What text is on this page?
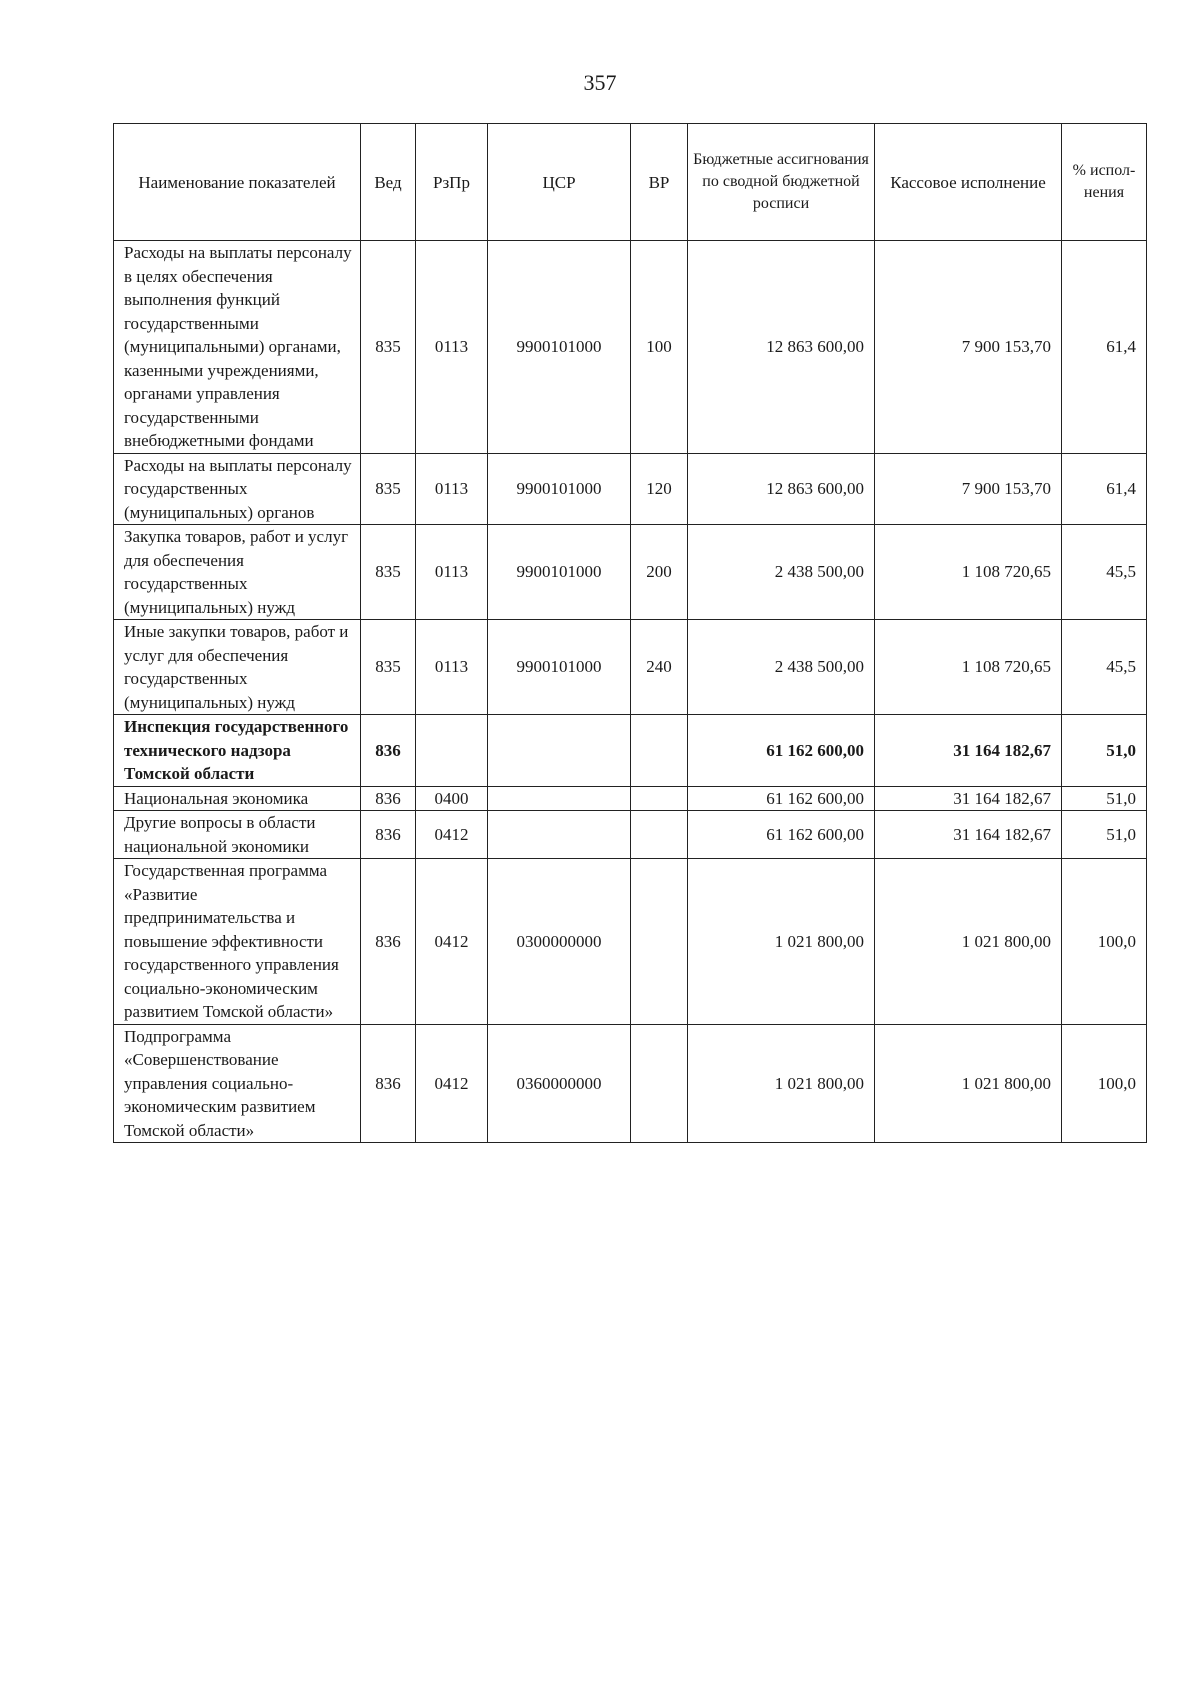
357
Наименование показателей	Вед	РзПр	ЦСР	ВР	Бюджетные ассигнования по сводной бюджетной росписи	Кассовое исполнение	% испол-нения
Расходы на выплаты персоналу в целях обеспечения выполнения функций государственными (муниципальными) органами, казенными учреждениями, органами управления государственными внебюджетными фондами	835	0113	9900101000	100	12 863 600,00	7 900 153,70	61,4
Расходы на выплаты персоналу государственных (муниципальных) органов	835	0113	9900101000	120	12 863 600,00	7 900 153,70	61,4
Закупка товаров, работ и услуг для обеспечения государственных (муниципальных) нужд	835	0113	9900101000	200	2 438 500,00	1 108 720,65	45,5
Иные закупки товаров, работ и услуг для обеспечения государственных (муниципальных) нужд	835	0113	9900101000	240	2 438 500,00	1 108 720,65	45,5
Инспекция государственного технического надзора Томской области	836				61 162 600,00	31 164 182,67	51,0
Национальная экономика	836	0400			61 162 600,00	31 164 182,67	51,0
Другие вопросы в области национальной экономики	836	0412			61 162 600,00	31 164 182,67	51,0
Государственная программа «Развитие предпринимательства и повышение эффективности государственного управления социально-экономическим развитием Томской области»	836	0412	0300000000		1 021 800,00	1 021 800,00	100,0
Подпрограмма «Совершенствование управления социально-экономическим развитием Томской области»	836	0412	0360000000		1 021 800,00	1 021 800,00	100,0
